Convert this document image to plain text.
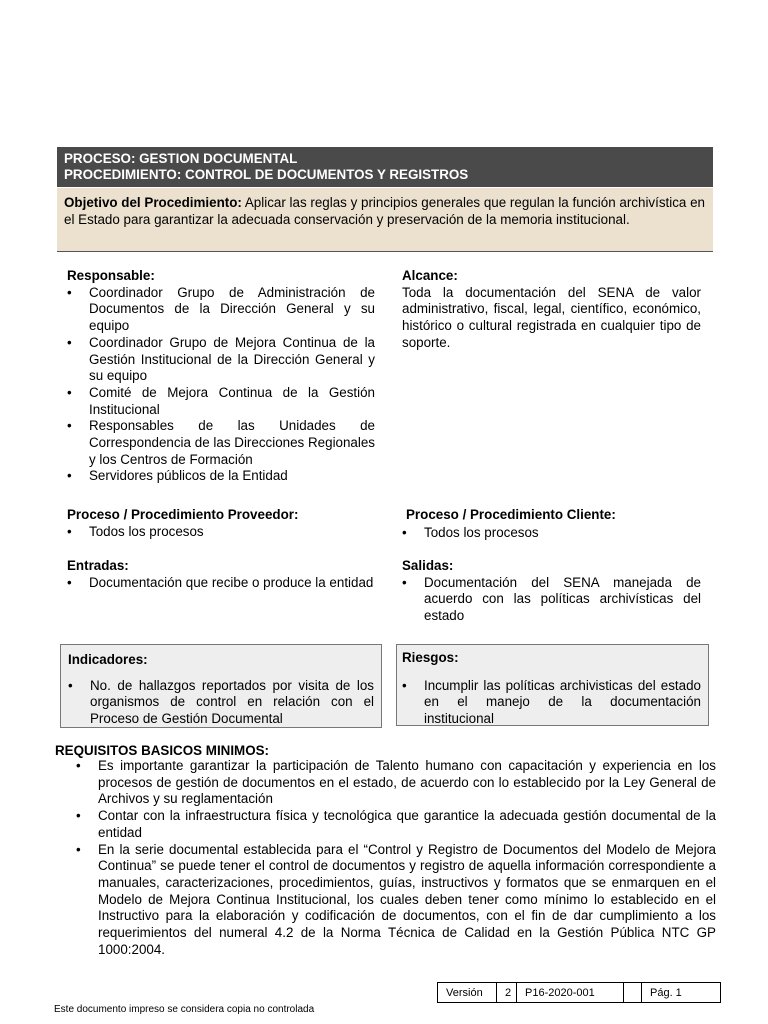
PROCESO: GESTION DOCUMENTAL
PROCEDIMIENTO: CONTROL DE DOCUMENTOS Y REGISTROS
Objetivo del Procedimiento: Aplicar las reglas y principios generales que regulan la función archivística en el Estado para garantizar la adecuada conservación y preservación de la memoria institucional.
Responsable:
• Coordinador Grupo de Administración de Documentos de la Dirección General y su equipo
• Coordinador Grupo de Mejora Continua de la Gestión Institucional de la Dirección General y su equipo
• Comité de Mejora Continua de la Gestión Institucional
• Responsables de las Unidades de Correspondencia de las Direcciones Regionales y los Centros de Formación
• Servidores públicos de la Entidad
Alcance:
Toda la documentación del SENA de valor administrativo, fiscal, legal, científico, económico, histórico o cultural registrada en cualquier tipo de soporte.
Proceso / Procedimiento Proveedor:
• Todos los procesos
Proceso / Procedimiento Cliente:
• Todos los procesos
Entradas:
• Documentación que recibe o produce la entidad
Salidas:
• Documentación del SENA manejada de acuerdo con las políticas archivísticas del estado
Indicadores:
• No. de hallazgos reportados por visita de los organismos de control en relación con el Proceso de Gestión Documental
Riesgos:
• Incumplir las políticas archivisticas del estado en el manejo de la documentación institucional
REQUISITOS BASICOS MINIMOS:
• Es importante garantizar la participación de Talento humano con capacitación y experiencia en los procesos de gestión de documentos en el estado, de acuerdo con lo establecido por la Ley General de Archivos y su reglamentación
• Contar con la infraestructura física y tecnológica que garantice la adecuada gestión documental de la entidad
• En la serie documental establecida para el “Control y Registro de Documentos del Modelo de Mejora Continua” se puede tener el control de documentos y registro de aquella información correspondiente a manuales, caracterizaciones, procedimientos, guías, instructivos y formatos que se enmarquen en el Modelo de Mejora Continua Institucional, los cuales deben tener como mínimo lo establecido en el Instructivo para la elaboración y codificación de documentos, con el fin de dar cumplimiento a los requerimientos del numeral 4.2 de la Norma Técnica de Calidad en la Gestión Pública NTC GP 1000:2004.
Versión	2	P16-2020-001		Pág. 1
Este documento impreso se considera copia no controlada
